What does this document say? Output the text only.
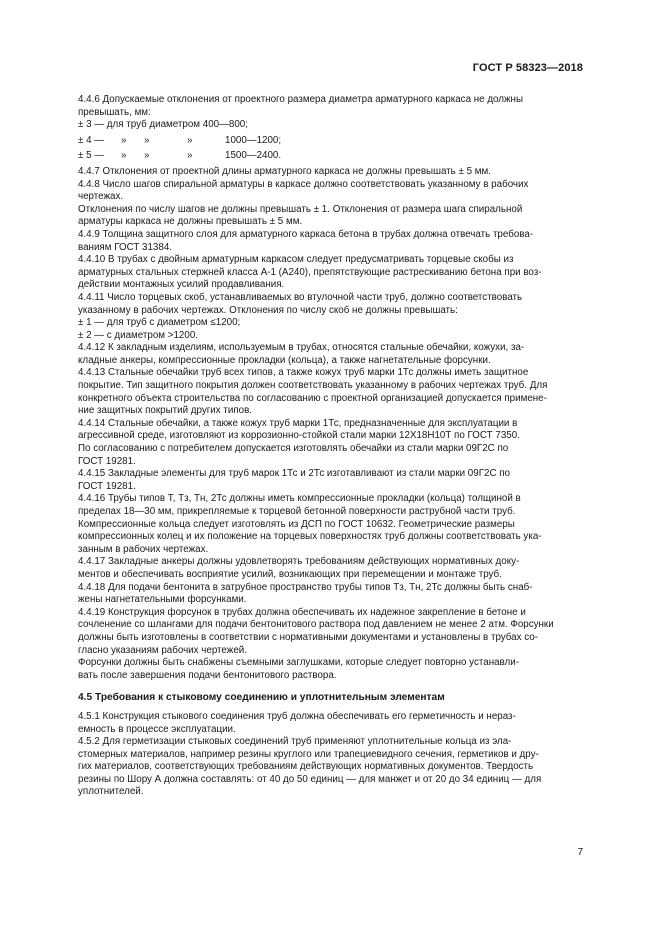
ГОСТ Р 58323—2018
4.4.6 Допускаемые отклонения от проектного размера диаметра арматурного каркаса не должны
превышать, мм:
± 3 — для труб диаметром 400—800;
± 4 —	»	»	»	1000—1200;
± 5 —	»	»	»	1500—2400.
4.4.7 Отклонения от проектной длины арматурного каркаса не должны превышать ± 5 мм.
4.4.8 Число шагов спиральной арматуры в каркасе должно соответствовать указанному в рабочих
чертежах.
Отклонения по числу шагов не должны превышать ± 1. Отклонения от размера шага спиральной
арматуры каркаса не должны превышать ± 5 мм.
4.4.9 Толщина защитного слоя для арматурного каркаса бетона в трубах должна отвечать требова-
ваниям ГОСТ 31384.
4.4.10 В трубах с двойным арматурным каркасом следует предусматривать торцевые скобы из
арматурных стальных стержней класса А-1 (А240), препятствующие растрескиванию бетона при воз-
действии монтажных усилий продавливания.
4.4.11 Число торцевых скоб, устанавливаемых во втулочной части труб, должно соответствовать
указанному в рабочих чертежах. Отклонения по числу скоб не должны превышать:
± 1 — для труб с диаметром ≤1200;
± 2 — с диаметром >1200.
4.4.12 К закладным изделиям, используемым в трубах, относятся стальные обечайки, кожухи, за-
кладные анкеры, компрессионные прокладки (кольца), а также нагнетательные форсунки.
4.4.13 Стальные обечайки труб всех типов, а также кожух труб марки 1Тс должны иметь защитное
покрытие. Тип защитного покрытия должен соответствовать указанному в рабочих чертежах труб. Для
конкретного объекта строительства по согласованию с проектной организацией допускается примене-
ние защитных покрытий других типов.
4.4.14 Стальные обечайки, а также кожух труб марки 1Тс, предназначенные для эксплуатации в
агрессивной среде, изготовляют из коррозионно-стойкой стали марки 12Х18Н10Т по ГОСТ 7350.
По согласованию с потребителем допускается изготовлять обечайки из стали марки 09Г2С по
ГОСТ 19281.
4.4.15 Закладные элементы для труб марок 1Тс и 2Тс изготавливают из стали марки 09Г2С по
ГОСТ 19281.
4.4.16 Трубы типов Т, Тз, Тн, 2Тс должны иметь компрессионные прокладки (кольца) толщиной в
пределах 18—30 мм, прикрепляемые к торцевой бетонной поверхности раструбной части труб.
Компрессионные кольца следует изготовлять из ДСП по ГОСТ 10632. Геометрические размеры
компрессионных колец и их положение на торцевых поверхностях труб должны соответствовать ука-
занным в рабочих чертежах.
4.4.17 Закладные анкеры должны удовлетворять требованиям действующих нормативных доку-
ментов и обеспечивать восприятие усилий, возникающих при перемещении и монтаже труб.
4.4.18 Для подачи бентонита в затрубное пространство трубы типов Тз, Тн, 2Тс должны быть снаб-
жены нагнетательными форсунками.
4.4.19 Конструкция форсунок в трубах должна обеспечивать их надежное закрепление в бетоне и
сочленение со шлангами для подачи бентонитового раствора под давлением не менее 2 атм. Форсунки
должны быть изготовлены в соответствии с нормативными документами и установлены в трубах со-
гласно указаниям рабочих чертежей.
Форсунки должны быть снабжены съемными заглушками, которые следует повторно устанавли-
вать после завершения подачи бентонитового раствора.
4.5 Требования к стыковому соединению и уплотнительным элементам
4.5.1 Конструкция стыкового соединения труб должна обеспечивать его герметичность и нераз-
емность в процессе эксплуатации.
4.5.2 Для герметизации стыковых соединений труб применяют уплотнительные кольца из эла-
стомерных материалов, например резины круглого или трапециевидного сечения, герметиков и дру-
гих материалов, соответствующих требованиям действующих нормативных документов. Твердость
резины по Шору А должна составлять: от 40 до 50 единиц — для манжет и от 20 до 34 единиц — для
уплотнителей.
7
